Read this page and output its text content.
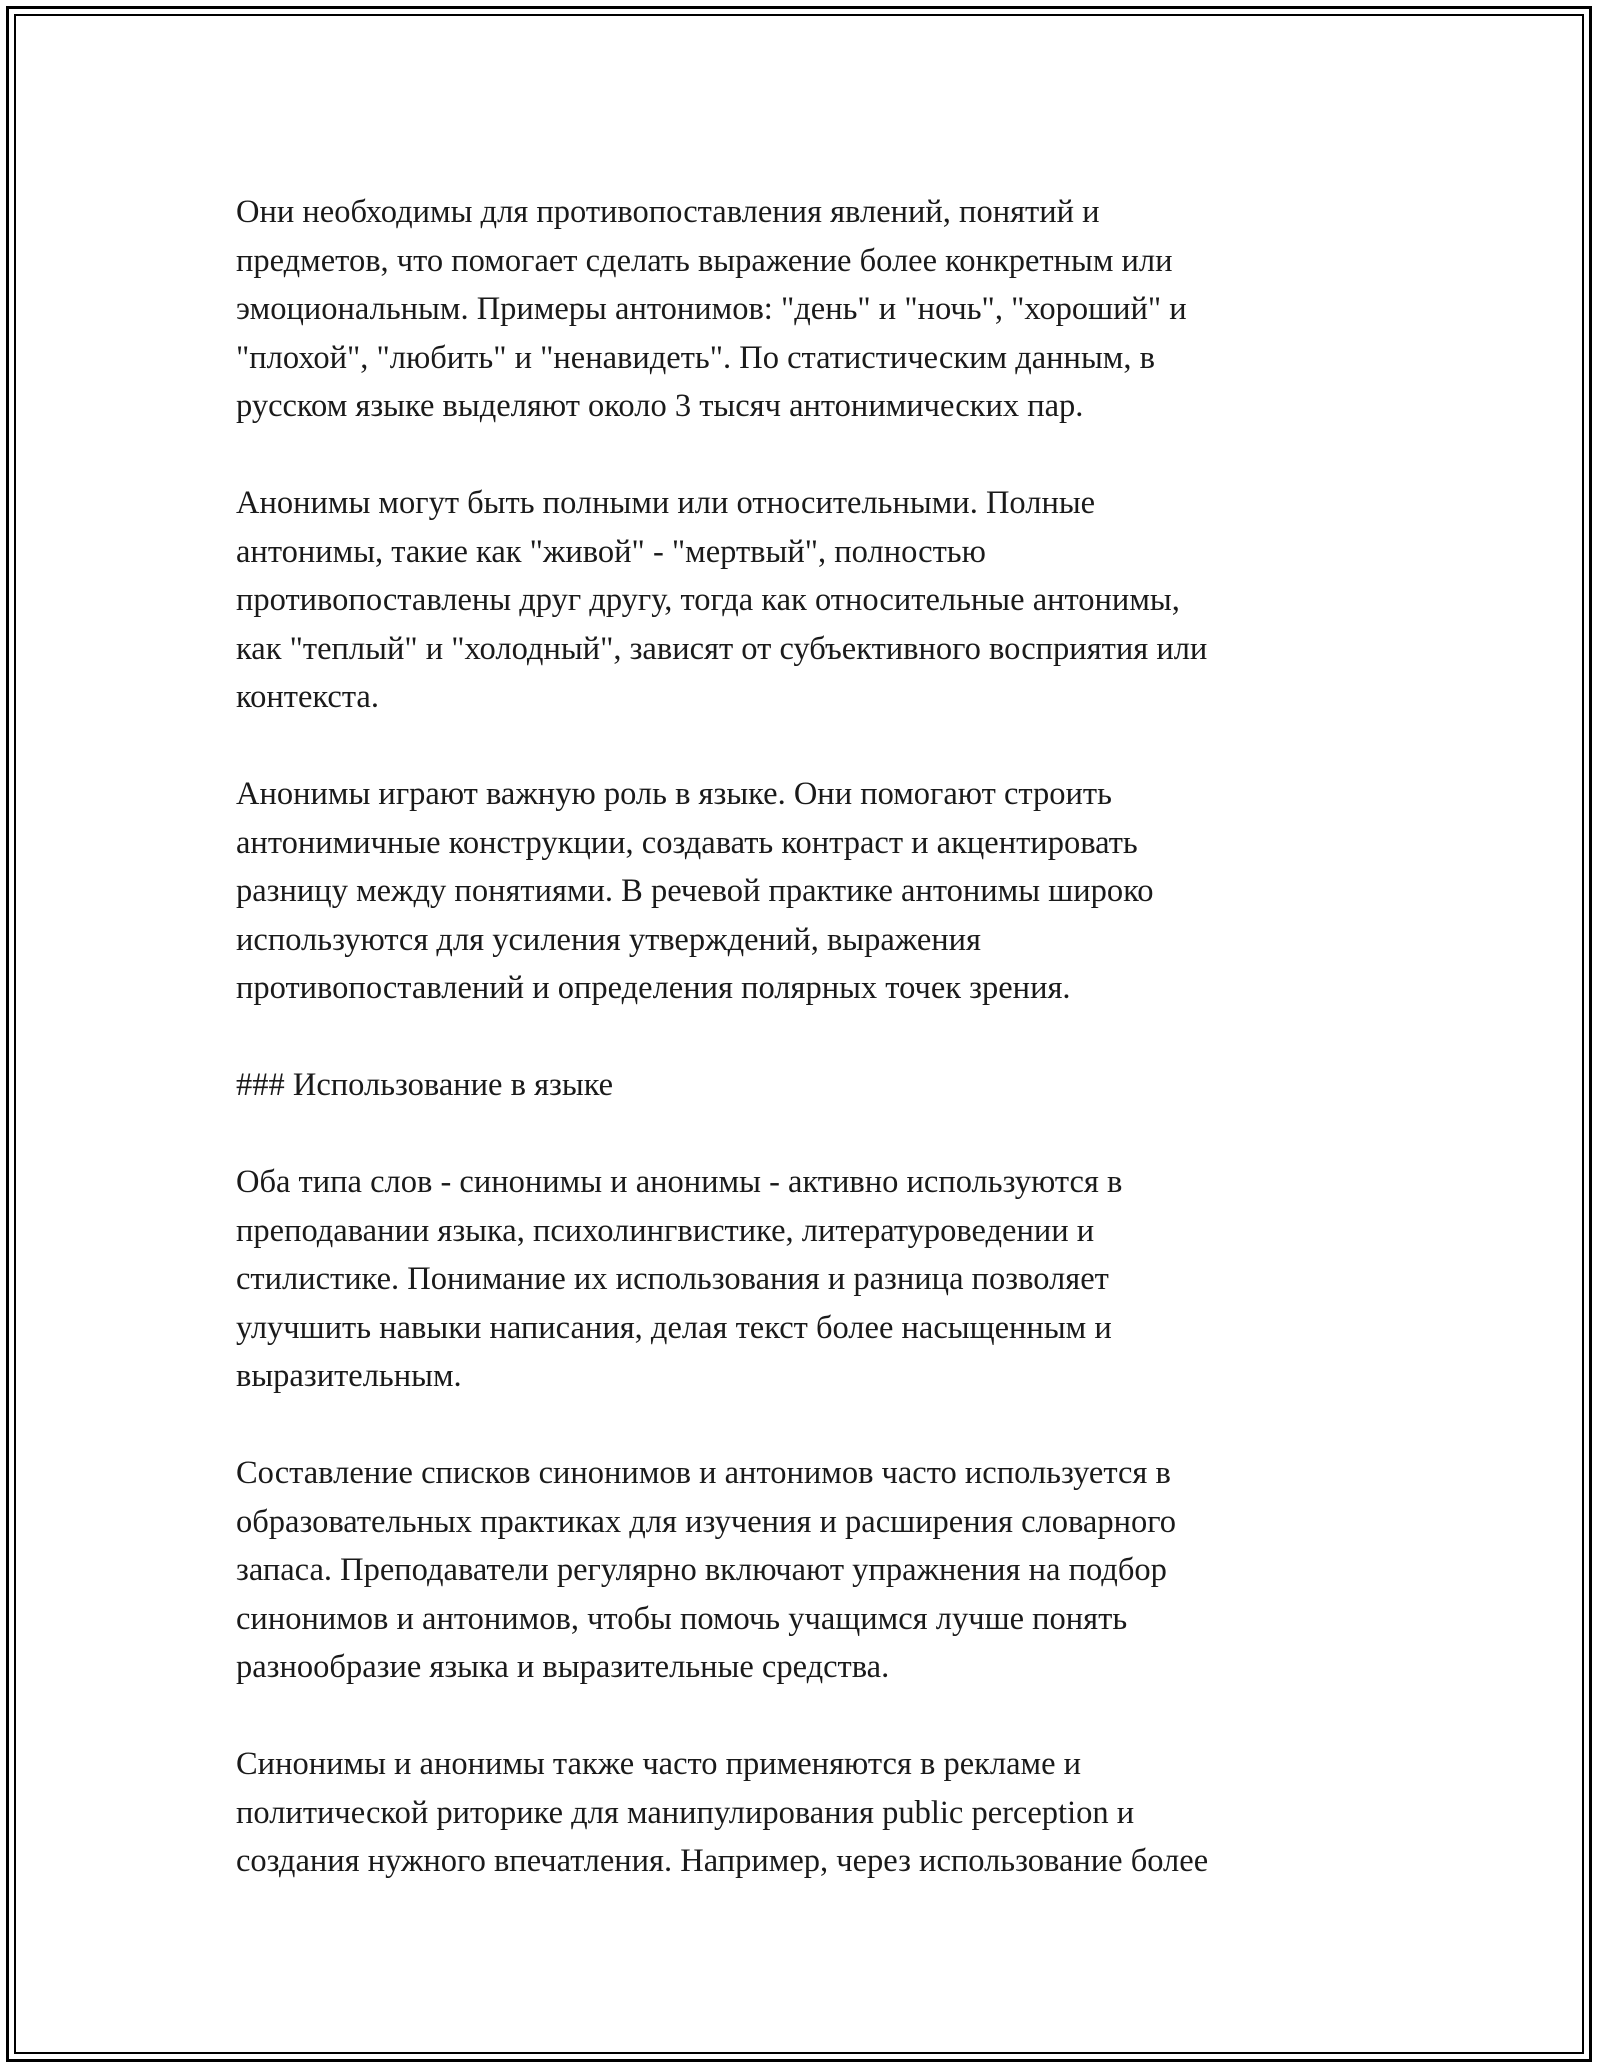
Они необходимы для противопоставления явлений, понятий и
предметов, что помогает сделать выражение более конкретным или
эмоциональным. Примеры антонимов: "день" и "ночь", "хороший" и
"плохой", "любить" и "ненавидеть". По статистическим данным, в
русском языке выделяют около 3 тысяч антонимических пар.

Анонимы могут быть полными или относительными. Полные
антонимы, такие как "живой" - "мертвый", полностью
противопоставлены друг другу, тогда как относительные антонимы,
как "теплый" и "холодный", зависят от субъективного восприятия или
контекста.

Анонимы играют важную роль в языке. Они помогают строить
антонимичные конструкции, создавать контраст и акцентировать
разницу между понятиями. В речевой практике антонимы широко
используются для усиления утверждений, выражения
противопоставлений и определения полярных точек зрения.

### Использование в языке

Оба типа слов - синонимы и анонимы - активно используются в
преподавании языка, психолингвистике, литературоведении и
стилистике. Понимание их использования и разница позволяет
улучшить навыки написания, делая текст более насыщенным и
выразительным.

Составление списков синонимов и антонимов часто используется в
образовательных практиках для изучения и расширения словарного
запаса. Преподаватели регулярно включают упражнения на подбор
синонимов и антонимов, чтобы помочь учащимся лучше понять
разнообразие языка и выразительные средства.

Синонимы и анонимы также часто применяются в рекламе и
политической риторике для манипулирования public perception и
создания нужного впечатления. Например, через использование более
